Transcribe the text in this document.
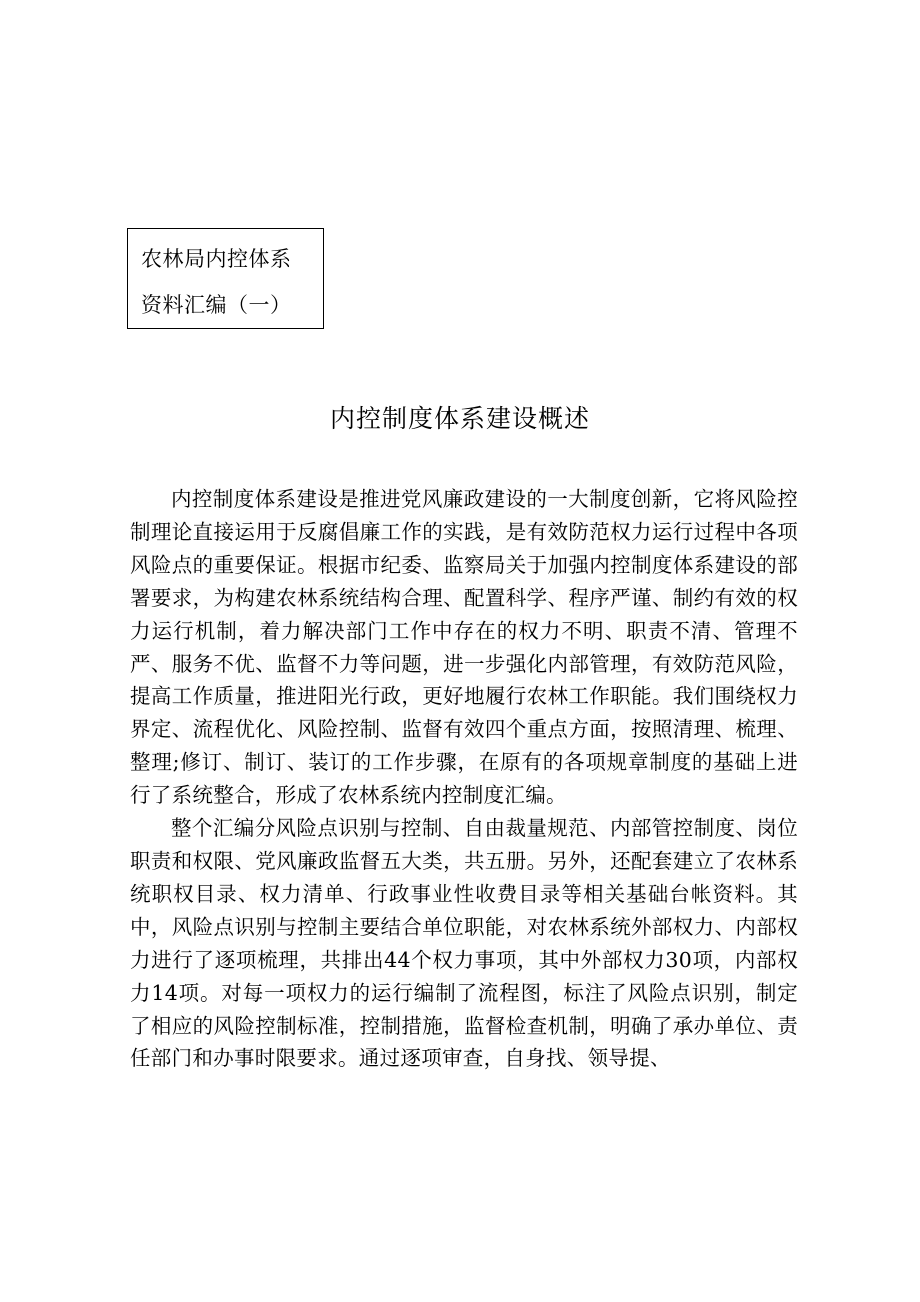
农林局内控体系
资料汇编（一）
内控制度体系建设概述

内控制度体系建设是推进党风廉政建设的一大制度创新，它将风险控制理论直接运用于反腐倡廉工作的实践，是有效防范权力运行过程中各项风险点的重要保证。根据市纪委、监察局关于加强内控制度体系建设的部署要求，为构建农林系统结构合理、配置科学、程序严谨、制约有效的权力运行机制，着力解决部门工作中存在的权力不明、职责不清、管理不严、服务不优、监督不力等问题，进一步强化内部管理，有效防范风险，提高工作质量，推进阳光行政，更好地履行农林工作职能。我们围绕权力界定、流程优化、风险控制、监督有效四个重点方面，按照清理、梳理、整理;修订、制订、装订的工作步骤，在原有的各项规章制度的基础上进行了系统整合，形成了农林系统内控制度汇编。

整个汇编分风险点识别与控制、自由裁量规范、内部管控制度、岗位职责和权限、党风廉政监督五大类，共五册。另外，还配套建立了农林系统职权目录、权力清单、行政事业性收费目录等相关基础台帐资料。其中，风险点识别与控制主要结合单位职能，对农林系统外部权力、内部权力进行了逐项梳理，共排出44个权力事项，其中外部权力30项，内部权力14项。对每一项权力的运行编制了流程图，标注了风险点识别，制定了相应的风险控制标准，控制措施，监督检查机制，明确了承办单位、责任部门和办事时限要求。通过逐项审查，自身找、领导提、
